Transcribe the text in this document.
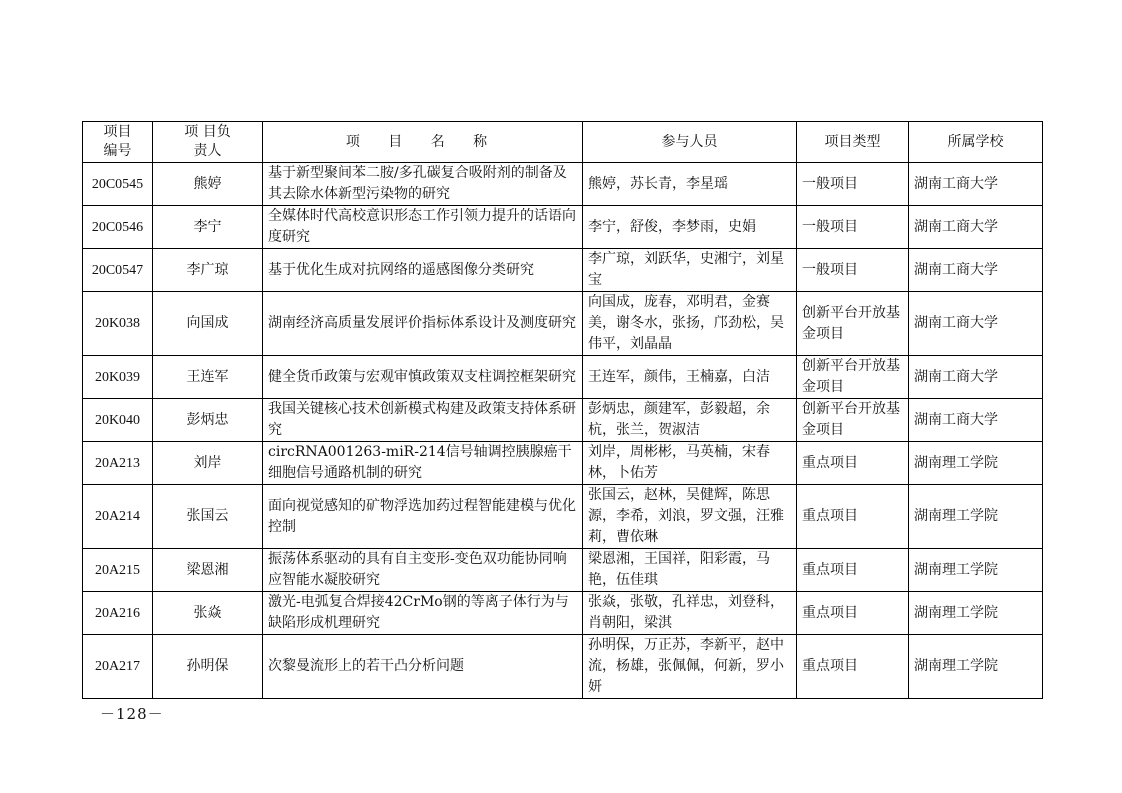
项目编号	项 目负责人	项 目 名 称	参与人员	项目类型	所属学校
20C0545	熊婷	基于新型聚间苯二胺/多孔碳复合吸附剂的制备及其去除水体新型污染物的研究	熊婷，苏长青，李星瑶	一般项目	湖南工商大学
20C0546	李宁	全媒体时代高校意识形态工作引领力提升的话语向度研究	李宁，舒俊，李梦雨，史娟	一般项目	湖南工商大学
20C0547	李广琼	基于优化生成对抗网络的遥感图像分类研究	李广琼，刘跃华，史湘宁，刘星宝	一般项目	湖南工商大学
20K038	向国成	湖南经济高质量发展评价指标体系设计及测度研究	向国成，庞春，邓明君，金赛美，谢冬水，张扬，邝劲松，吴伟平，刘晶晶	创新平台开放基金项目	湖南工商大学
20K039	王连军	健全货币政策与宏观审慎政策双支柱调控框架研究	王连军，颜伟，王楠嘉，白洁	创新平台开放基金项目	湖南工商大学
20K040	彭炳忠	我国关键核心技术创新模式构建及政策支持体系研究	彭炳忠，颜建军，彭毅超，余杭，张兰，贺淑洁	创新平台开放基金项目	湖南工商大学
20A213	刘岸	circRNA001263-miR-214信号轴调控胰腺癌干细胞信号通路机制的研究	刘岸，周彬彬，马英楠，宋春林，卜佑芳	重点项目	湖南理工学院
20A214	张国云	面向视觉感知的矿物浮选加药过程智能建模与优化控制	张国云，赵林，吴健辉，陈思源，李希，刘浪，罗文强，汪雅莉，曹依琳	重点项目	湖南理工学院
20A215	梁恩湘	振荡体系驱动的具有自主变形-变色双功能协同响应智能水凝胶研究	梁恩湘，王国祥，阳彩霞，马艳，伍佳琪	重点项目	湖南理工学院
20A216	张焱	激光-电弧复合焊接42CrMo钢的等离子体行为与缺陷形成机理研究	张焱，张敬，孔祥忠，刘登科，肖朝阳，梁淇	重点项目	湖南理工学院
20A217	孙明保	次黎曼流形上的若干凸分析问题	孙明保，万正苏，李新平，赵中流，杨雄，张佩佩，何新，罗小妍	重点项目	湖南理工学院
－128－
